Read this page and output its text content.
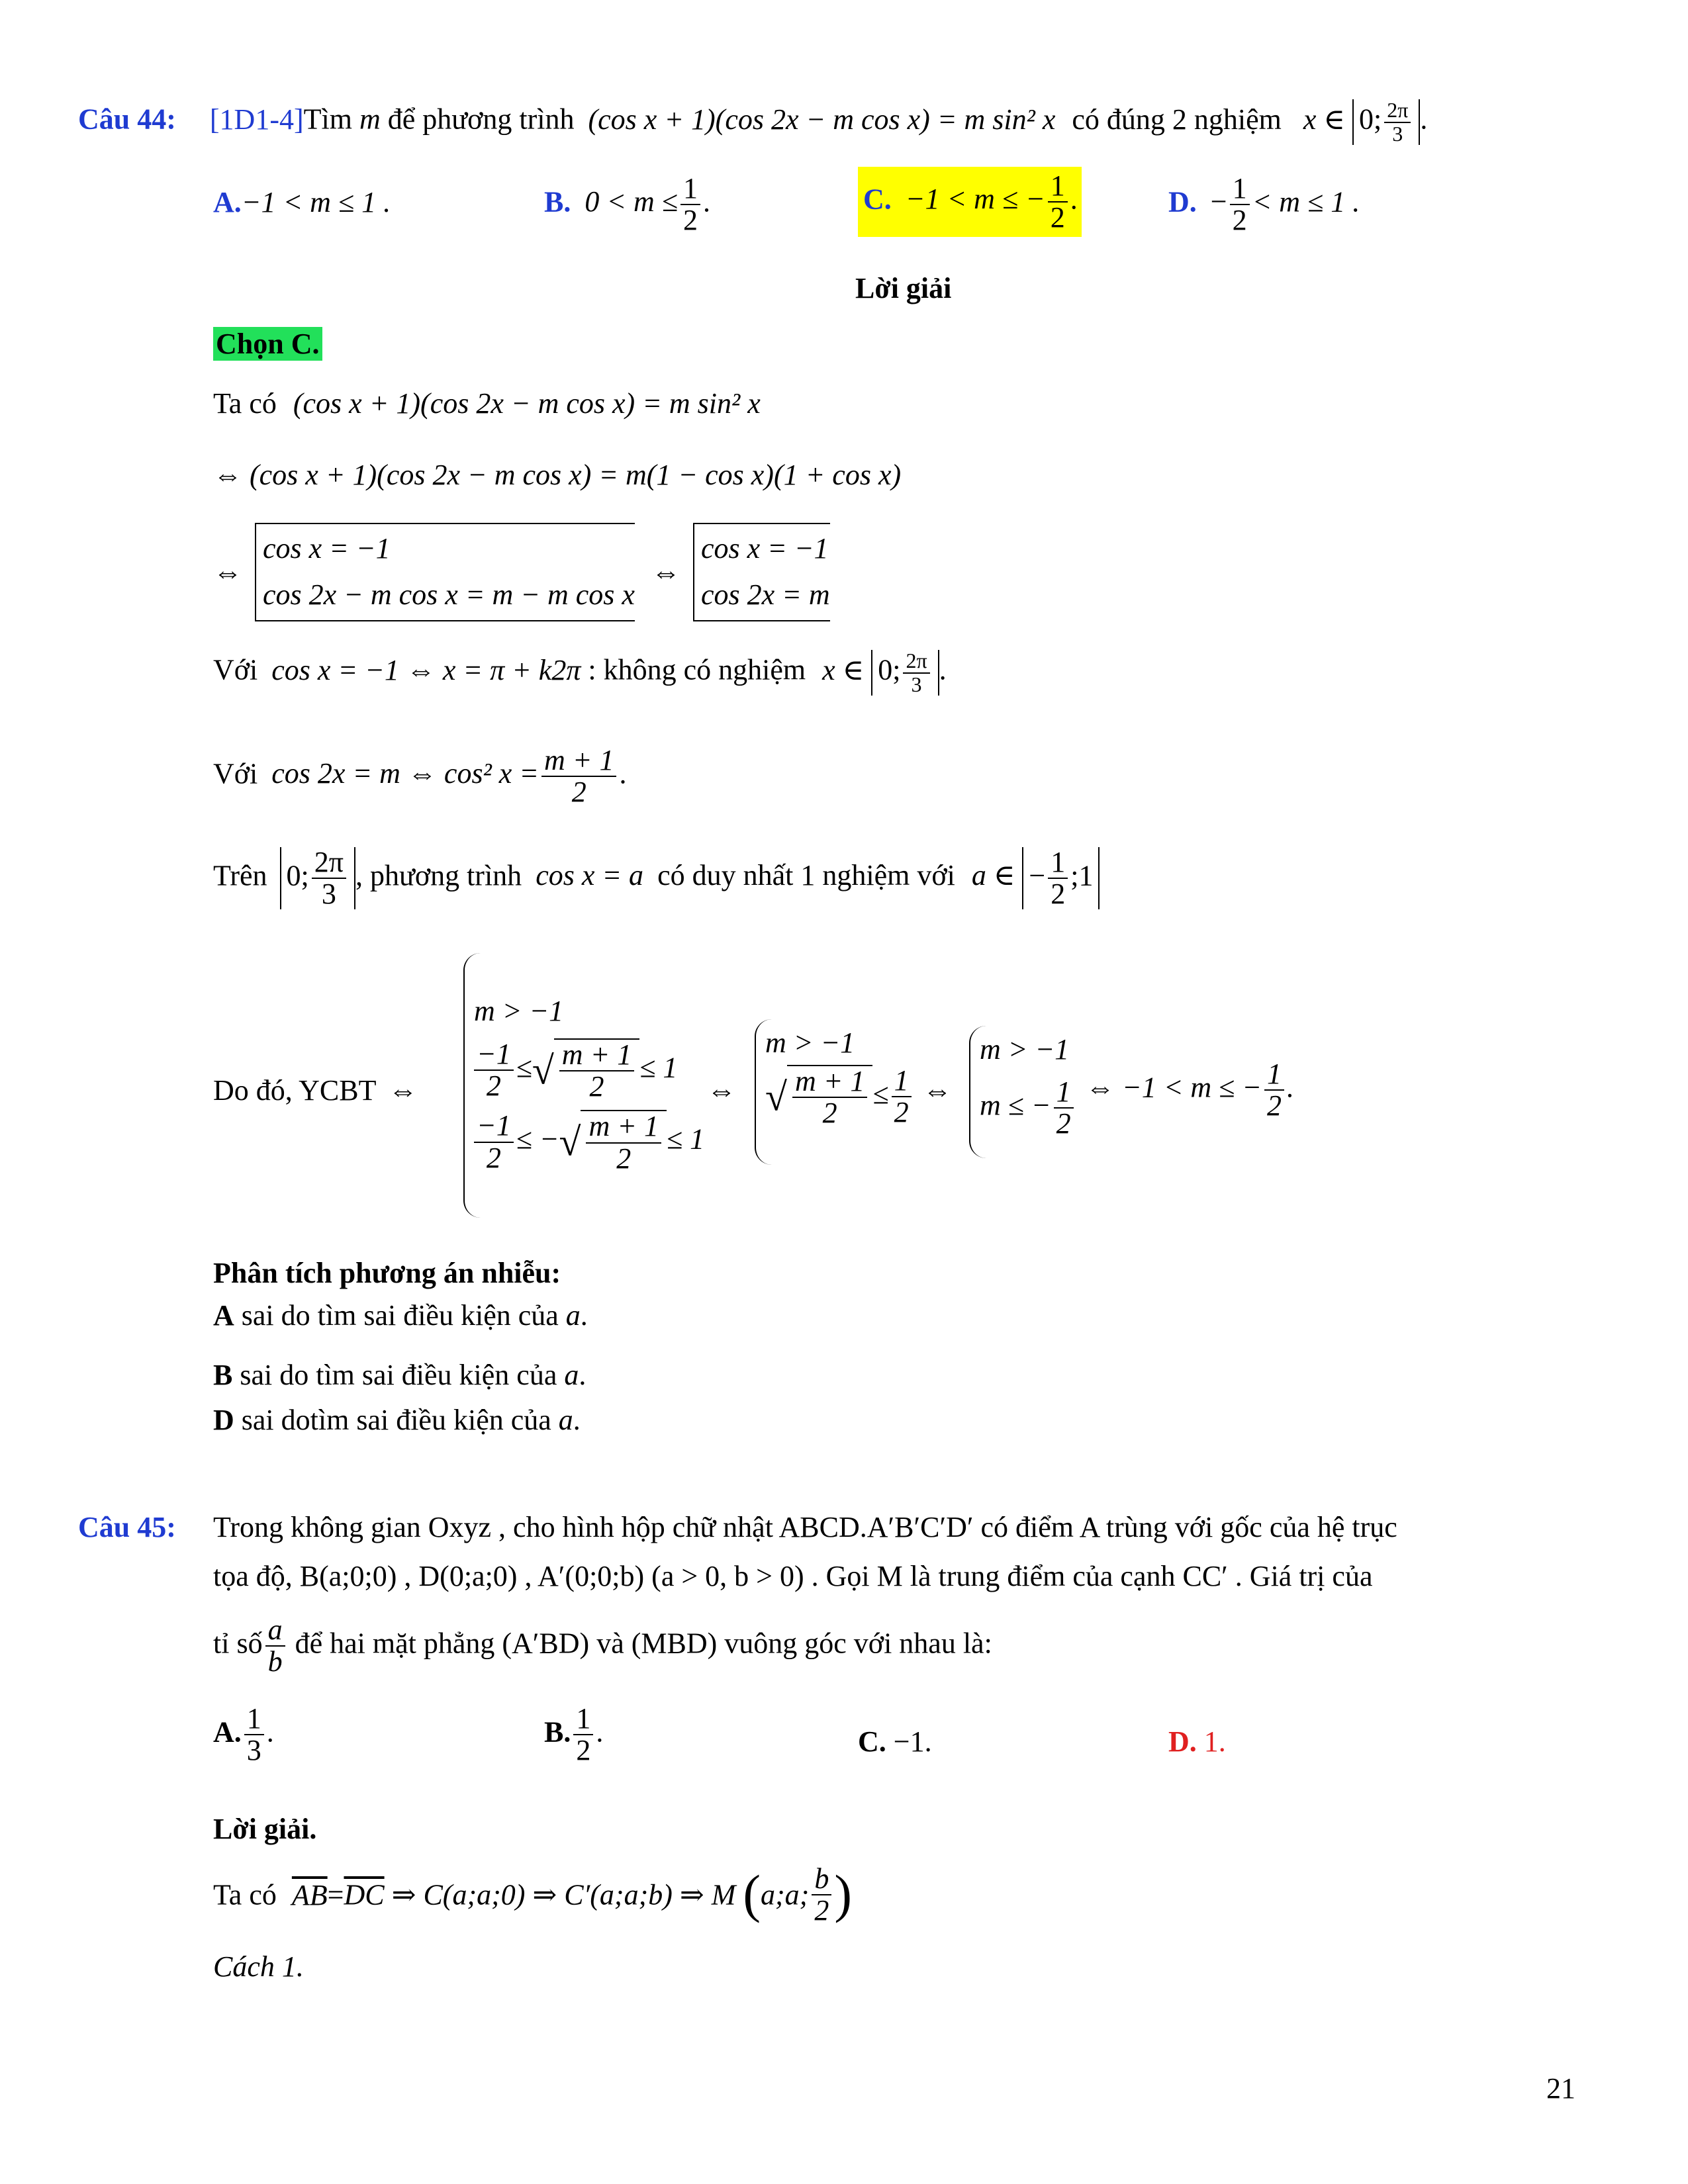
Câu 44: [1D1-4]Tìm m để phương trình (cos x + 1)(cos 2x − m cos x) = m sin² x có đúng 2 nghiệm x ∈ 0; $\frac{2\pi}{3}$ .
A.−1 < m ≤ 1 .	B. $0 < m \le \frac{1}{2}$ .	C. −1 < m ≤ − $\frac{1}{2}$ .	D. − $\frac{1}{2} < m \le 1$ .
Lời giải
Chọn C.
Ta có (cos x + 1)(cos 2x − m cos x) = m sin² x
⇔ (cos x + 1)(cos 2x − m cos x) = m(1 − cos x)(1 + cos x)
⇔
cos x = −1
cos 2x − m cos x = m − m cos x
⇔
cos x = −1
cos 2x = m
Với cos x = −1 ⇔ x = π + k2π : không có nghiệm x ∈ 0; $\frac{2\pi}{3}$ .
Với cos 2x = m ⇔ cos² $x = \frac{m + 1}{2}$ .
Trên 0; $\frac{2\pi}{3}$ , phương trình cos x = a có duy nhất 1 nghiệm với a ∈ − $\frac{1}{2}$ ;1
Do đó, YCBT ⇔
m > −1
$\frac{-1}{2}$ ≤√ $\frac{m + 1}{2} \le 1$
$\frac{-1}{2}$ ≤ −√ $\frac{m + 1}{2} \le 1$
⇔
m > −1
√ $\frac{m + 1}{2} \le \frac{1}{2}$ ⇔
m > −1
m ≤ − $\frac{1}{2}$ ⇔ −1 < m ≤ − $\frac{1}{2}$ .
Phân tích phương án nhiễu:
A sai do tìm sai điều kiện của a.
B sai do tìm sai điều kiện của a.
D sai dotìm sai điều kiện của a.
Câu 45: Trong không gian Oxyz , cho hình hộp chữ nhật ABCD.A′B′C′D′ có điểm A trùng với gốc của hệ trục
tọa độ, B(a;0;0) , D(0;a;0) , A′(0;0;b) (a > 0, b > 0) . Gọi M là trung điểm của cạnh CC′ . Giá trị của
tỉ số $\frac{a}{b}$ để hai mặt phẳng (A′BD) và (MBD) vuông góc với nhau là:
A. $\frac{1}{3}$ .	B. $\frac{1}{2}$ .	C. −1.	D. 1.
Lời giải.
Ta có $\overline{AB}=\overline{DC}$ ⇒ C(a;a;0) ⇒ C′(a;a;b) ⇒ M (a;a; $\frac{b}{2}$ )
Cách 1.
21
